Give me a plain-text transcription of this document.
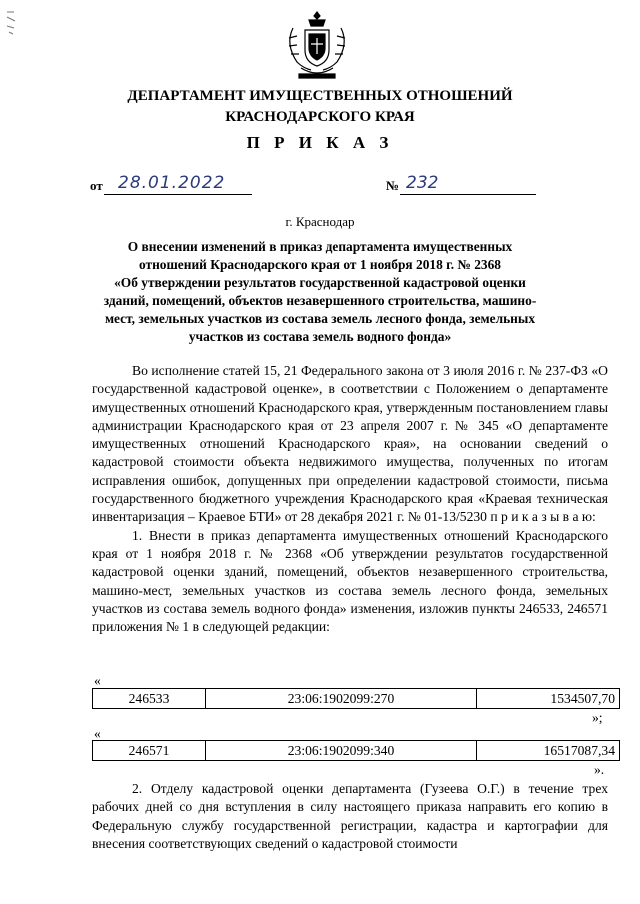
ДЕПАРТАМЕНТ ИМУЩЕСТВЕННЫХ ОТНОШЕНИЙ
КРАСНОДАРСКОГО КРАЯ
П Р И К А З
от 28.01.2022	№ 232
г. Краснодар
О внесении изменений в приказ департамента имущественных
отношений Краснодарского края от 1 ноября 2018 г. № 2368
«Об утверждении результатов государственной кадастровой оценки
зданий, помещений, объектов незавершенного строительства, машино-
мест, земельных участков из состава земель лесного фонда, земельных
участков из состава земель водного фонда»

Во исполнение статей 15, 21 Федерального закона от 3 июля 2016 г. № 237-ФЗ «О государственной кадастровой оценке», в соответствии с Положением о департаменте имущественных отношений Краснодарского края, утвержденным постановлением главы администрации Краснодарского края от 23 апреля 2007 г. № 345 «О департаменте имущественных отношений Краснодарского края», на основании сведений о кадастровой стоимости объекта недвижимого имущества, полученных по итогам исправления ошибок, допущенных при определении кадастровой стоимости, письма государственного бюджетного учреждения Краснодарского края «Краевая техническая инвентаризация – Краевое БТИ» от 28 декабря 2021 г. № 01-13/5230 п р и к а з ы в а ю:

1. Внести в приказ департамента имущественных отношений Краснодарского края от 1 ноября 2018 г. № 2368 «Об утверждении результатов государственной кадастровой оценки зданий, помещений, объектов незавершенного строительства, машино-мест, земельных участков из состава земель лесного фонда, земельных участков из состава земель водного фонда» изменения, изложив пункты 246533, 246571 приложения № 1 в следующей редакции:

«
246533	23:06:1902099:270	1534507,70
»;
«
246571	23:06:1902099:340	16517087,34
».

2. Отделу кадастровой оценки департамента (Гузеева О.Г.) в течение трех рабочих дней со дня вступления в силу настоящего приказа направить его копию в Федеральную службу государственной регистрации, кадастра и картографии для внесения соответствующих сведений о кадастровой стоимости
